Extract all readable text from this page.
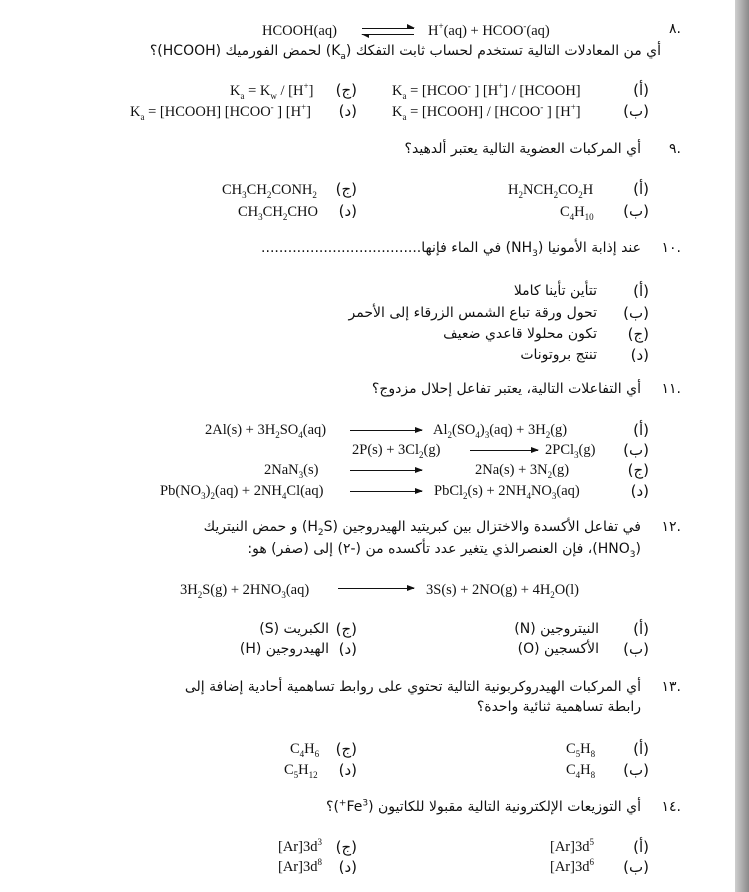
٨.
HCOOH(aq)	H+(aq) + HCOO-(aq)
أي من المعادلات التالية تستخدم لحساب ثابت التفكك $(K_a)$ لحمض الفورميك (HCOOH)؟
(أ)
$K_a$ = [HCOO- ] [H+] / [HCOOH]
(ب)
$K_a$ = [HCOOH] / [HCOO- ] [H+]
(ج)
$K_a = K_w / [H^+]$
(د)
$K_a$ = [HCOOH] [HCOO- ] [H+]
٩.
أي المركبات العضوية التالية يعتبر ألدهيد؟
(أ)
$H_2NCH_2CO_2H$
(ب)
$C_4H_{10}$
(ج)
$CH_3CH_2CONH_2$
(د)
$CH_3CH_2CHO$
١٠.
عند إذابة الأمونيا $(NH_3)$ في الماء فإنها....................................
(أ)
تتأين تأينا كاملا
(ب)
تحول ورقة تباع الشمس الزرقاء إلى الأحمر
(ج)
تكون محلولا قاعدي ضعيف
(د)
تنتج بروتونات
١١.
أي التفاعلات التالية، يعتبر تفاعل إحلال مزدوج؟
(أ)
$2Al(s) + 3H_2SO_4(aq)$	$Al_2(SO_4)_3(aq) + 3H_2(g)$
(ب)
$2P(s) + 3Cl_2(g)$	2PCl$_3$(g)
(ج)
2NaN$_3$(s)	$2Na(s) + 3N_2(g)$
(د)
$Pb(NO_3)_2(aq) + 2NH_4Cl(aq)$	PbCl$_2$(s) + $2NH_4NO_3(aq)$
١٢.
في تفاعل الأكسدة والاختزال بين كبريتيد الهيدروجين $(H_2S)$ و حمض النيتريك
$(HNO_3)،$ فإن العنصرالذي يتغير عدد تأكسده من (-٢) إلى (صفر) هو:
$3H_2S(g) + 2HNO_3(aq)$	$3S(s) + 2NO(g) + 4H_2O(l)$
(أ)
النيتروجين (N)
(ب)
الأكسجين (O)
(ج)
الكبريت (S)
(د)
الهيدروجين (H)
١٣.
أي المركبات الهيدروكربونية التالية تحتوي على روابط تساهمية أحادية إضافة إلى
رابطة تساهمية ثنائية واحدة؟
(أ)
$C_5H_8$
(ب)
$C_4H_8$
(ج)
$C_4H_6$
(د)
$C_5H_{12}$
١٤.
أي التوزيعات الإلكترونية التالية مقبولا للكاتيون $(Fe^{3+})؟$
(أ)
$[Ar]3d^5$
(ب)
$[Ar]3d^6$
(ج)
$[Ar]3d^3$
(د)
$[Ar]3d^8$
